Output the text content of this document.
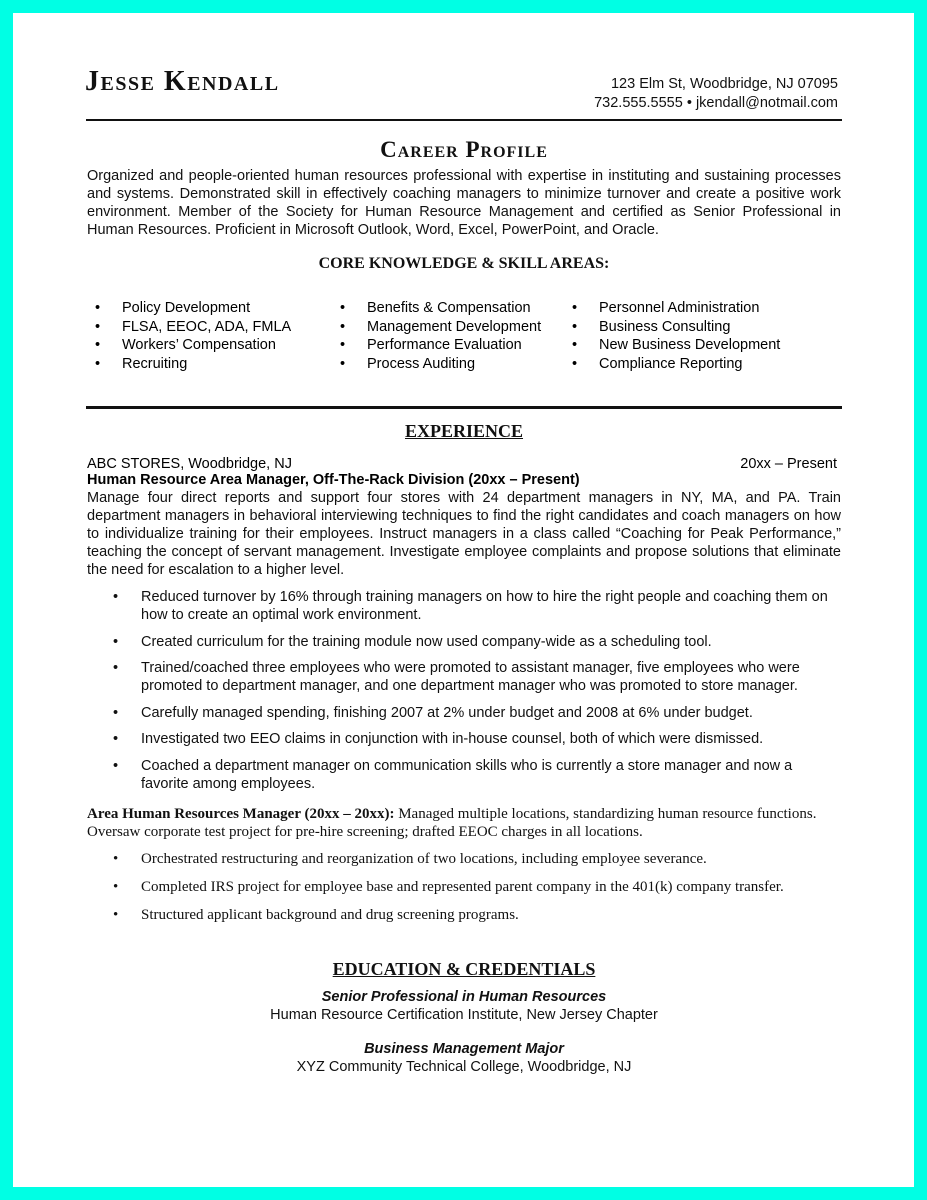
Jesse Kendall	123 Elm St, Woodbridge, NJ 07095
732.555.5555 • jkendall@notmail.com
Career Profile

Organized and people-oriented human resources professional with expertise in instituting and sustaining processes and systems. Demonstrated skill in effectively coaching managers to minimize turnover and create a positive work environment. Member of the Society for Human Resource Management and certified as Senior Professional in Human Resources. Proficient in Microsoft Outlook, Word, Excel, PowerPoint, and Oracle.

CORE KNOWLEDGE & SKILL AREAS:
• Policy Development
• FLSA, EEOC, ADA, FMLA
• Workers’ Compensation
• Recruiting
• Benefits & Compensation
• Management Development
• Performance Evaluation
• Process Auditing
• Personnel Administration
• Business Consulting
• New Business Development
• Compliance Reporting
EXPERIENCE
ABC STORES, Woodbridge, NJ	20xx – Present
Human Resource Area Manager, Off-The-Rack Division (20xx – Present)

Manage four direct reports and support four stores with 24 department managers in NY, MA, and PA. Train department managers in behavioral interviewing techniques to find the right candidates and coach managers on how to individualize training for their employees. Instruct managers in a class called “Coaching for Peak Performance,” teaching the concept of servant management. Investigate employee complaints and propose solutions that eliminate the need for escalation to a higher level.

• Reduced turnover by 16% through training managers on how to hire the right people and coaching them on how to create an optimal work environment.
• Created curriculum for the training module now used company-wide as a scheduling tool.
• Trained/coached three employees who were promoted to assistant manager, five employees who were promoted to department manager, and one department manager who was promoted to store manager.
• Carefully managed spending, finishing 2007 at 2% under budget and 2008 at 6% under budget.
• Investigated two EEO claims in conjunction with in-house counsel, both of which were dismissed.
• Coached a department manager on communication skills who is currently a store manager and now a favorite among employees.

Area Human Resources Manager (20xx – 20xx): Managed multiple locations, standardizing human resource functions. Oversaw corporate test project for pre-hire screening; drafted EEOC charges in all locations.

• Orchestrated restructuring and reorganization of two locations, including employee severance.
• Completed IRS project for employee base and represented parent company in the 401(k) company transfer.
• Structured applicant background and drug screening programs.
EDUCATION & CREDENTIALS
Senior Professional in Human Resources
Human Resource Certification Institute, New Jersey Chapter
Business Management Major
XYZ Community Technical College, Woodbridge, NJ
